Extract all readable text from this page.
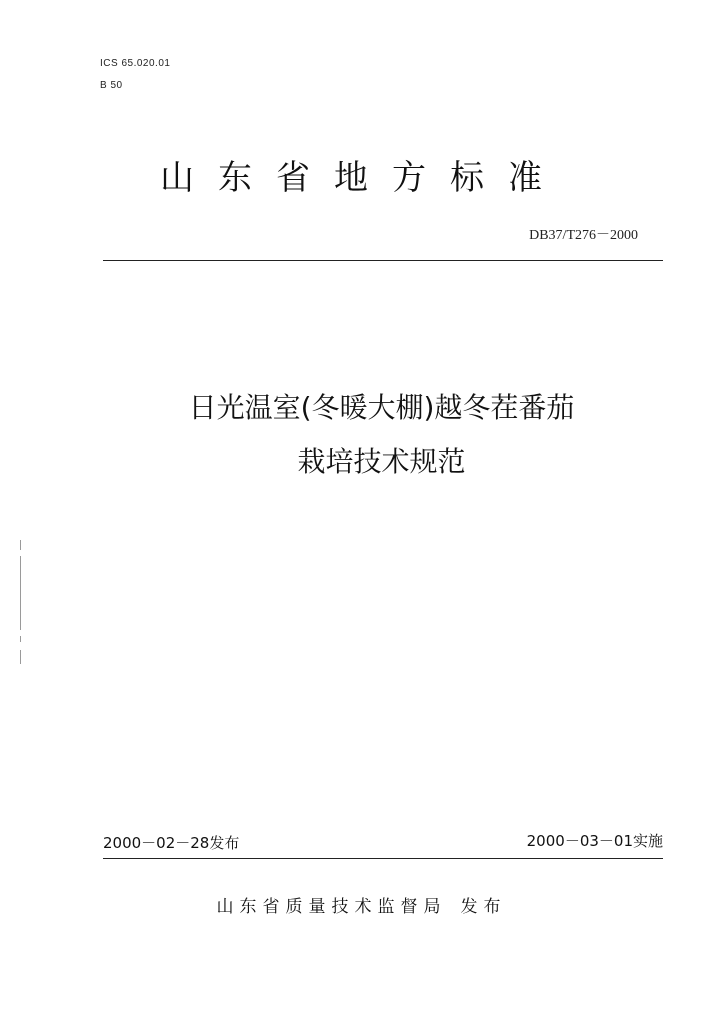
ICS 65.020.01
B 50
山东省地方标准
DB37/T276－2000
日光温室(冬暖大棚)越冬茬番茄
栽培技术规范
2000－02－28发布	2000－03－01实施
山东省质量技术监督局 发布
